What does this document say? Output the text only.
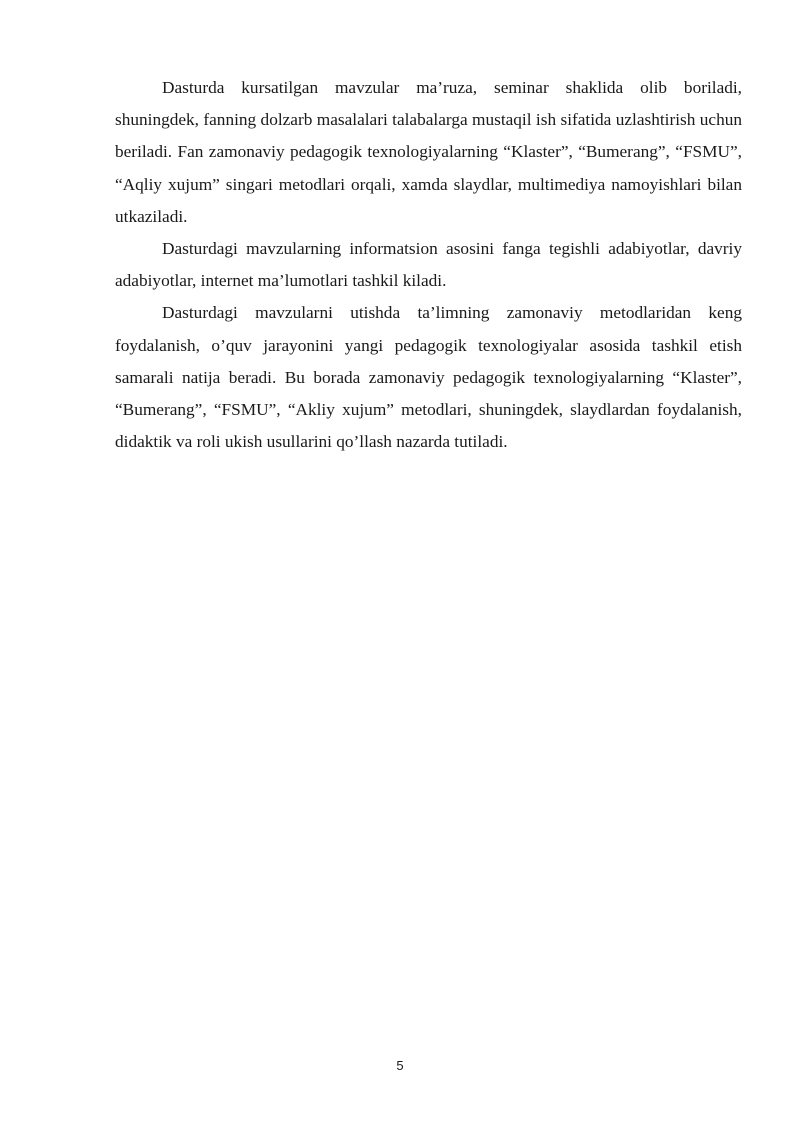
Dasturda kursatilgan mavzular ma’ruza, seminar shaklida olib boriladi, shuningdek, fanning dolzarb masalalari talabalarga mustaqil ish sifatida uzlashtirish uchun beriladi. Fan zamonaviy pedagogik texnologiyalarning “Klaster”, “Bumerang”, “FSMU”, “Aqliy xujum” singari metodlari orqali, xamda slaydlar, multimediya namoyishlari bilan utkaziladi.

Dasturdagi mavzularning informatsion asosini fanga tegishli adabiyotlar, davriy adabiyotlar, internet ma’lumotlari tashkil kiladi.

Dasturdagi mavzularni utishda ta’limning zamonaviy metodlaridan keng foydalanish, o’quv jarayonini yangi pedagogik texnologiyalar asosida tashkil etish samarali natija beradi. Bu borada zamonaviy pedagogik texnologiyalarning “Klaster”, “Bumerang”, “FSMU”, “Akliy xujum” metodlari, shuningdek, slaydlardan foydalanish, didaktik va roli ukish usullarini qo’llash nazarda tutiladi.

5
